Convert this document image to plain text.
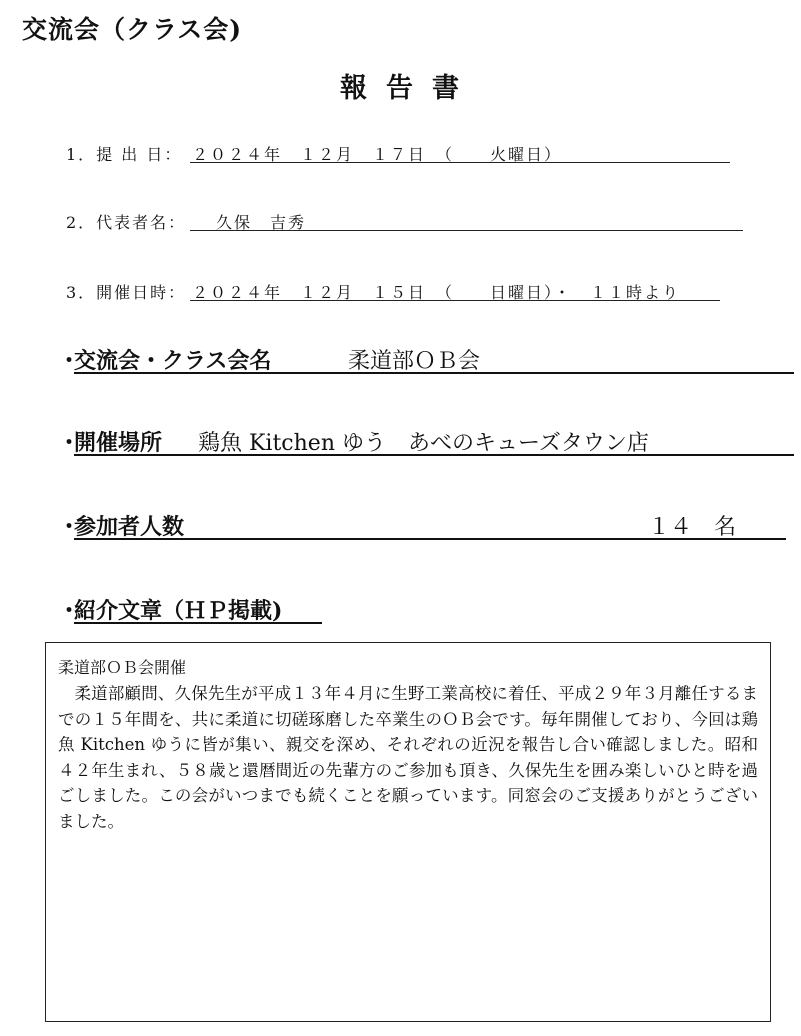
交流会（クラス会)
報告書
1．提 出 日： ２０２４年　１２月　１７日　（　　火曜日）
2．代表者名： 久保　吉秀
3．開催日時： ２０２４年　１２月　１５日　（　　日曜日）・　１１時より
・
交流会・クラス会名	柔道部ＯＢ会
・
開催場所 鶏魚 Kitchen ゆう　あべのキューズタウン店
・
参加者人数	１４　名
・
紹介文章（ＨＰ掲載)
柔道部ＯＢ会開催
柔道部顧問、久保先生が平成１３年４月に生野工業高校に着任、平成２９年３月離任するまでの１５年間を、共に柔道に切磋琢磨した卒業生のＯＢ会です。毎年開催しており、今回は鶏魚 Kitchen ゆうに皆が集い、親交を深め、それぞれの近況を報告し合い確認しました。昭和４２年生まれ、５８歳と還暦間近の先輩方のご参加も頂き、久保先生を囲み楽しいひと時を過ごしました。この会がいつまでも続くことを願っています。同窓会のご支援ありがとうございました。
